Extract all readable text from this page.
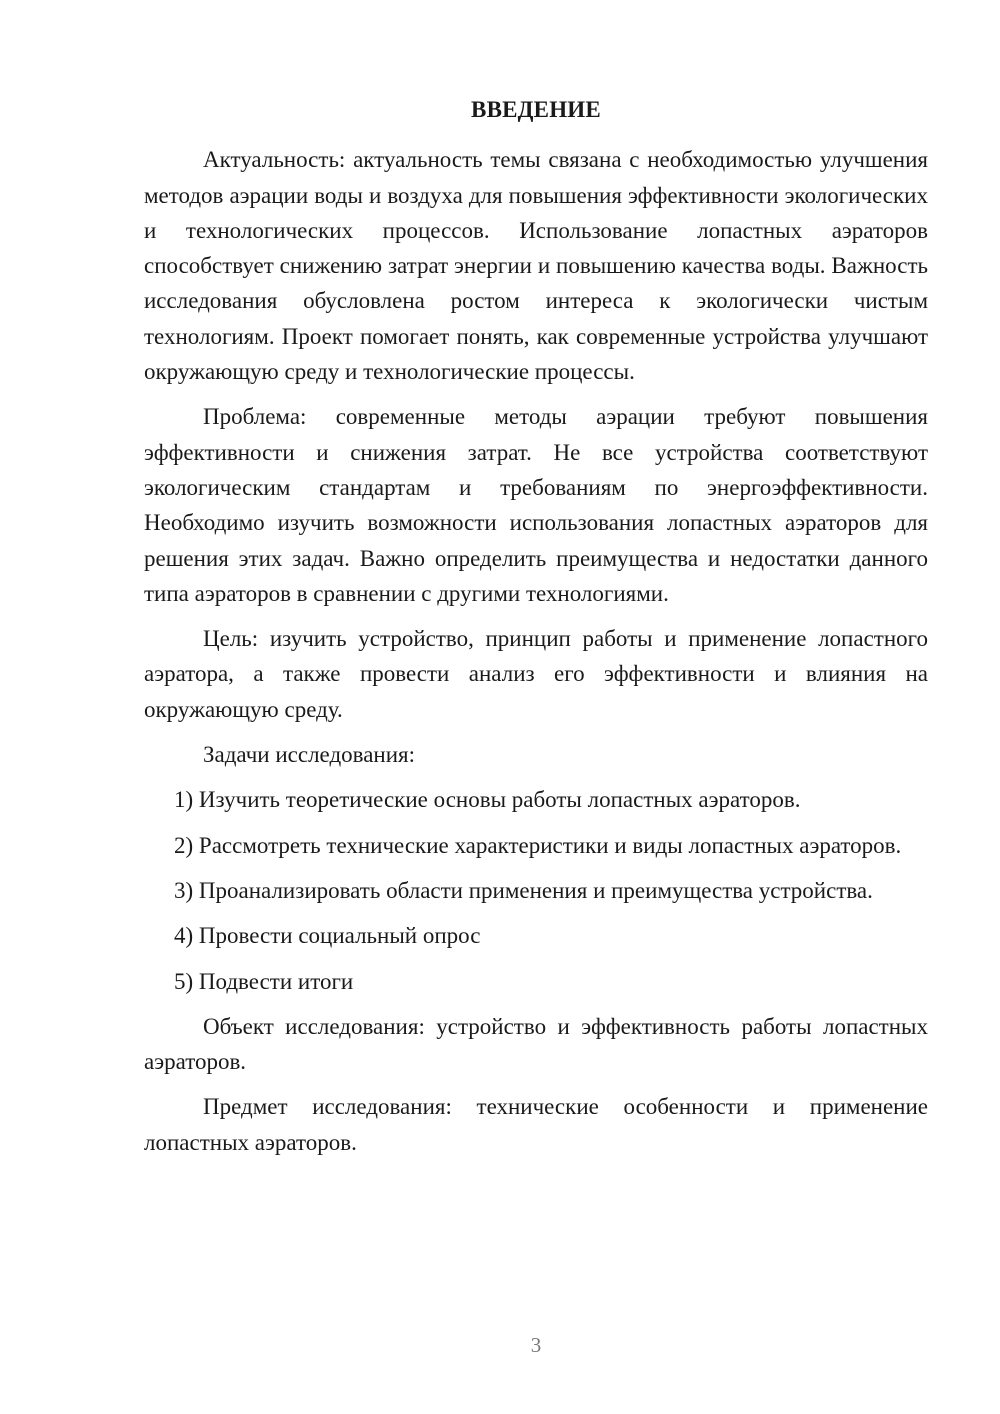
ВВЕДЕНИЕ

Актуальность: актуальность темы связана с необходимостью улучшения методов аэрации воды и воздуха для повышения эффективности экологических и технологических процессов. Использование лопастных аэраторов способствует снижению затрат энергии и повышению качества воды. Важность исследования обусловлена ростом интереса к экологически чистым технологиям. Проект помогает понять, как современные устройства улучшают окружающую среду и технологические процессы.

Проблема: современные методы аэрации требуют повышения эффективности и снижения затрат. Не все устройства соответствуют экологическим стандартам и требованиям по энергоэффективности. Необходимо изучить возможности использования лопастных аэраторов для решения этих задач. Важно определить преимущества и недостатки данного типа аэраторов в сравнении с другими технологиями.

Цель: изучить устройство, принцип работы и применение лопастного аэратора, а также провести анализ его эффективности и влияния на окружающую среду.

Задачи исследования:

1) Изучить теоретические основы работы лопастных аэраторов.

2) Рассмотреть технические характеристики и виды лопастных аэраторов.

3) Проанализировать области применения и преимущества устройства.

4) Провести социальный опрос

5) Подвести итоги

Объект исследования: устройство и эффективность работы лопастных аэраторов.

Предмет исследования: технические особенности и применение лопастных аэраторов.

3
